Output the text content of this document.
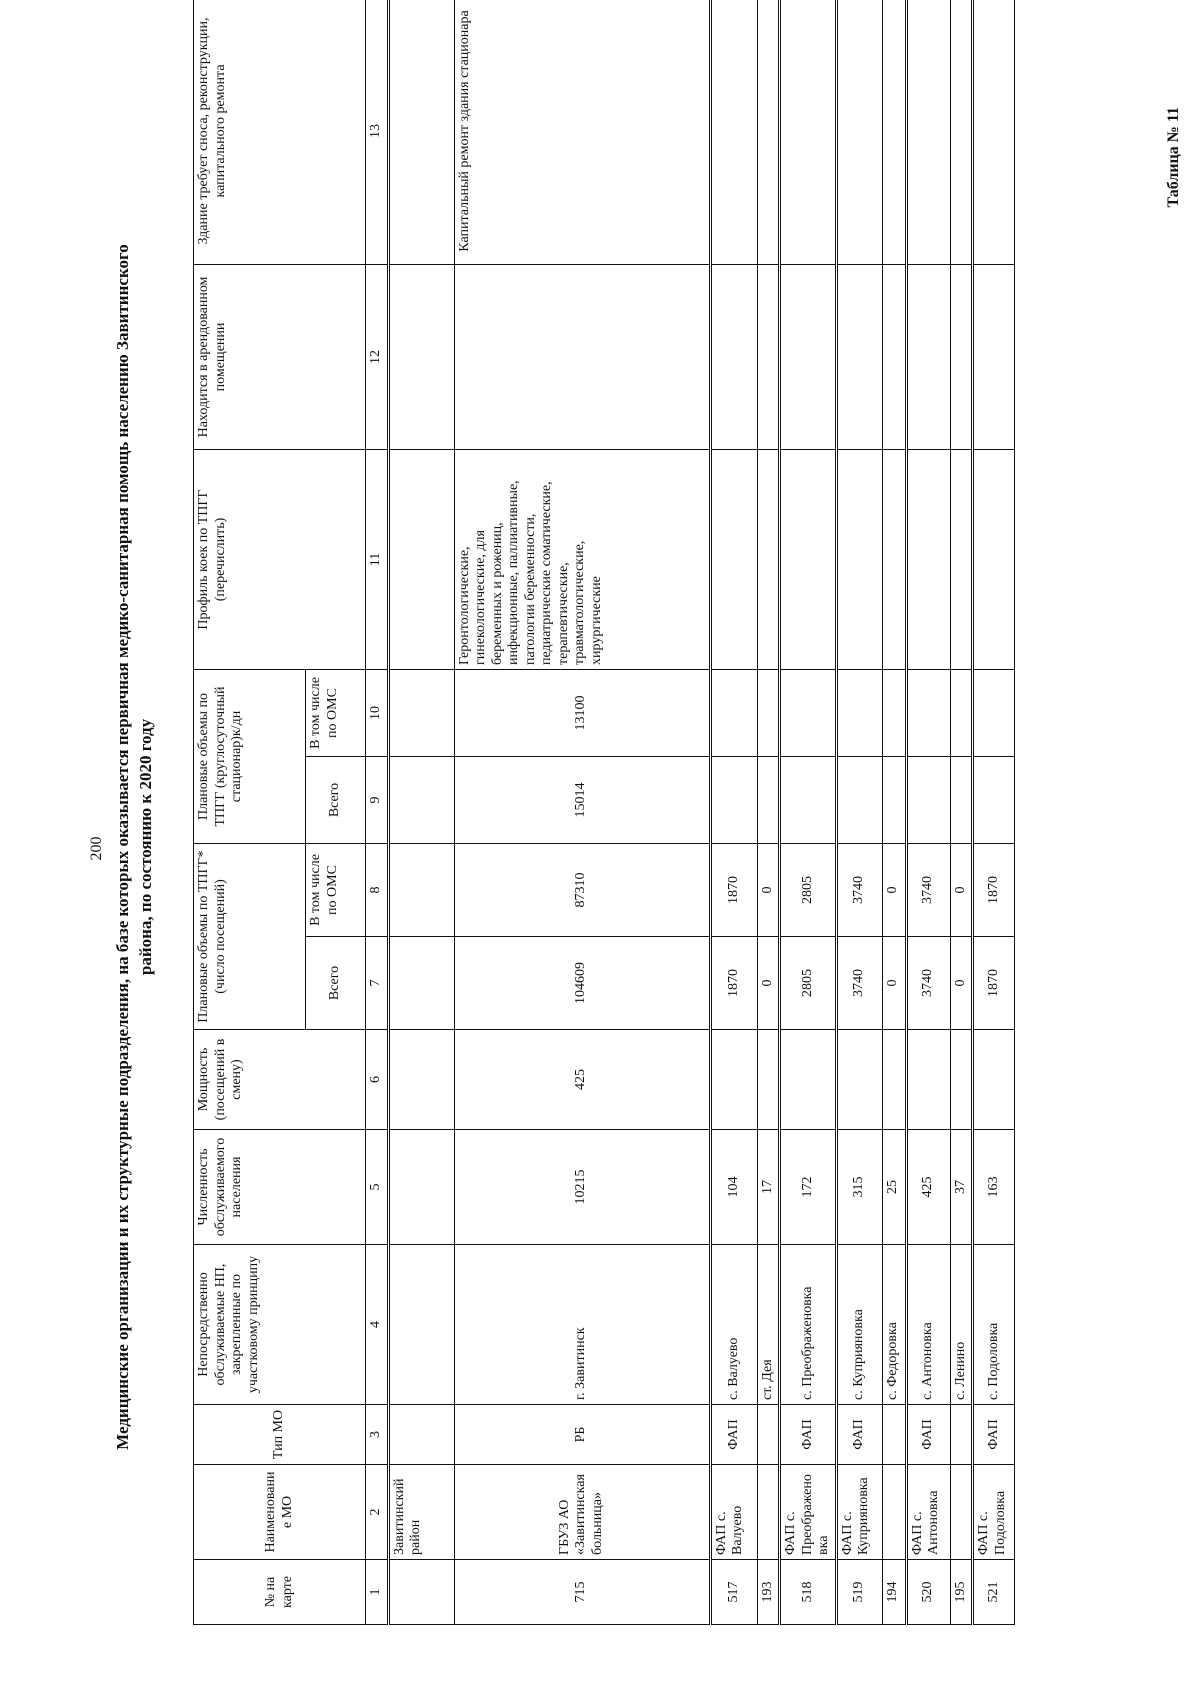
200 Медицинские организации и их структурные подразделения, на базе которых оказывается первичная медико-санитарная помощь населению Завитинского района, по состоянию к 2020 году
Таблица № 11
№ на карте	Наименование МО	Тип МО	Непосредственно обслуживаемые НП, закрепленные по участковому принципу	Численность обслуживаемого населения	Мощность (посещений в смену)	Плановые объемы по ТПГГ*(число посещений)		Плановые объемы по ТПГГ (круглосуточный стационар)к/дн		Профиль коек по ТПГГ (перечислить)	Находится в арендованном помещении	Здание требует сноса, реконструкции, капитального ремонта
						Всего	В том числе по ОМС	Всего	В том числе по ОМС			
1	2	3	4	5	6	7	8	9	10	11	12	13
	Завитинский район											
715	ГБУЗ АО «Завитинская больница»	РБ	г. Завитинск	10215	425	104609	87310	15014	13100	Геронтологические, гинекологические, для беременных и рожениц, инфекционные, паллиативные, патологии беременности, педиатрические соматические, терапевтические, травматологические, хирургические		Капитальный ремонт здания стационара
517	ФАП с. Валуево	ФАП	с. Валуево	104		1870	1870					
193			ст. Дея	17		0	0					
518	ФАП с. Преображеновка	ФАП	с. Преображеновка	172		2805	2805					
519	ФАП с. Куприяновка	ФАП	с. Куприяновка	315		3740	3740					
194			с. Федоровка	25		0	0					
520	ФАП с. Антоновка	ФАП	с. Антоновка	425		3740	3740					
195			с. Ленино	37		0	0					
521	ФАП с. Подоловка	ФАП	с. Подоловка	163		1870	1870					
